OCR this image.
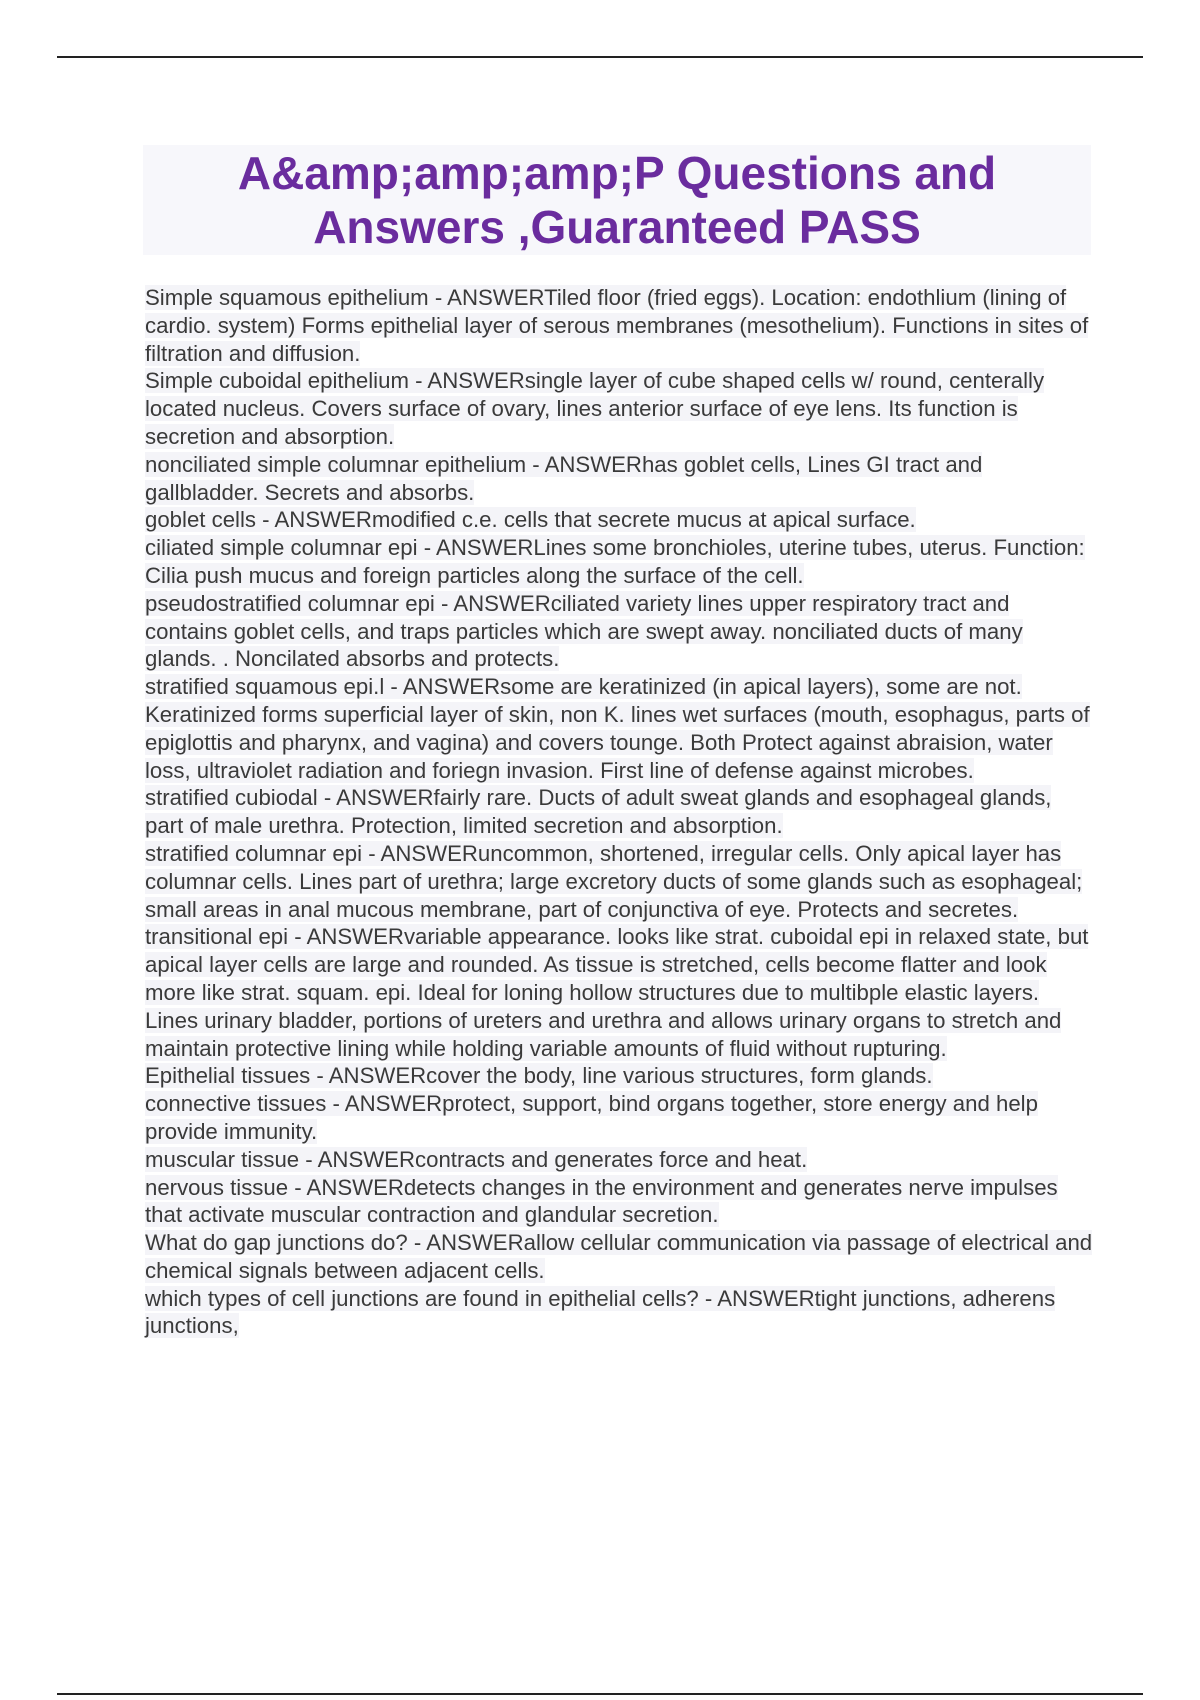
A&amp;amp;amp;P Questions and Answers ,Guaranteed PASS

Simple squamous epithelium - ANSWERTiled floor (fried eggs). Location: endothlium (lining of cardio. system) Forms epithelial layer of serous membranes (mesothelium). Functions in sites of filtration and diffusion.

Simple cuboidal epithelium - ANSWERsingle layer of cube shaped cells w/ round, centerally located nucleus. Covers surface of ovary, lines anterior surface of eye lens. Its function is secretion and absorption.

nonciliated simple columnar epithelium - ANSWERhas goblet cells, Lines GI tract and gallbladder. Secrets and absorbs.

goblet cells - ANSWERmodified c.e. cells that secrete mucus at apical surface.

ciliated simple columnar epi - ANSWERLines some bronchioles, uterine tubes, uterus. Function: Cilia push mucus and foreign particles along the surface of the cell.

pseudostratified columnar epi - ANSWERciliated variety lines upper respiratory tract and contains goblet cells, and traps particles which are swept away. nonciliated ducts of many glands. . Noncilated absorbs and protects.

stratified squamous epi.l - ANSWERsome are keratinized (in apical layers), some are not. Keratinized forms superficial layer of skin, non K. lines wet surfaces (mouth, esophagus, parts of epiglottis and pharynx, and vagina) and covers tounge. Both Protect against abraision, water loss, ultraviolet radiation and foriegn invasion. First line of defense against microbes.

stratified cubiodal - ANSWERfairly rare. Ducts of adult sweat glands and esophageal glands, part of male urethra. Protection, limited secretion and absorption.

stratified columnar epi - ANSWERuncommon, shortened, irregular cells. Only apical layer has columnar cells. Lines part of urethra; large excretory ducts of some glands such as esophageal; small areas in anal mucous membrane, part of conjunctiva of eye. Protects and secretes.

transitional epi - ANSWERvariable appearance. looks like strat. cuboidal epi in relaxed state, but apical layer cells are large and rounded. As tissue is stretched, cells become flatter and look more like strat. squam. epi. Ideal for loning hollow structures due to multibple elastic layers. Lines urinary bladder, portions of ureters and urethra and allows urinary organs to stretch and maintain protective lining while holding variable amounts of fluid without rupturing.

Epithelial tissues - ANSWERcover the body, line various structures, form glands.

connective tissues - ANSWERprotect, support, bind organs together, store energy and help provide immunity.

muscular tissue - ANSWERcontracts and generates force and heat.

nervous tissue - ANSWERdetects changes in the environment and generates nerve impulses that activate muscular contraction and glandular secretion.

What do gap junctions do? - ANSWERallow cellular communication via passage of electrical and chemical signals between adjacent cells.

which types of cell junctions are found in epithelial cells? - ANSWERtight junctions, adherens junctions,
